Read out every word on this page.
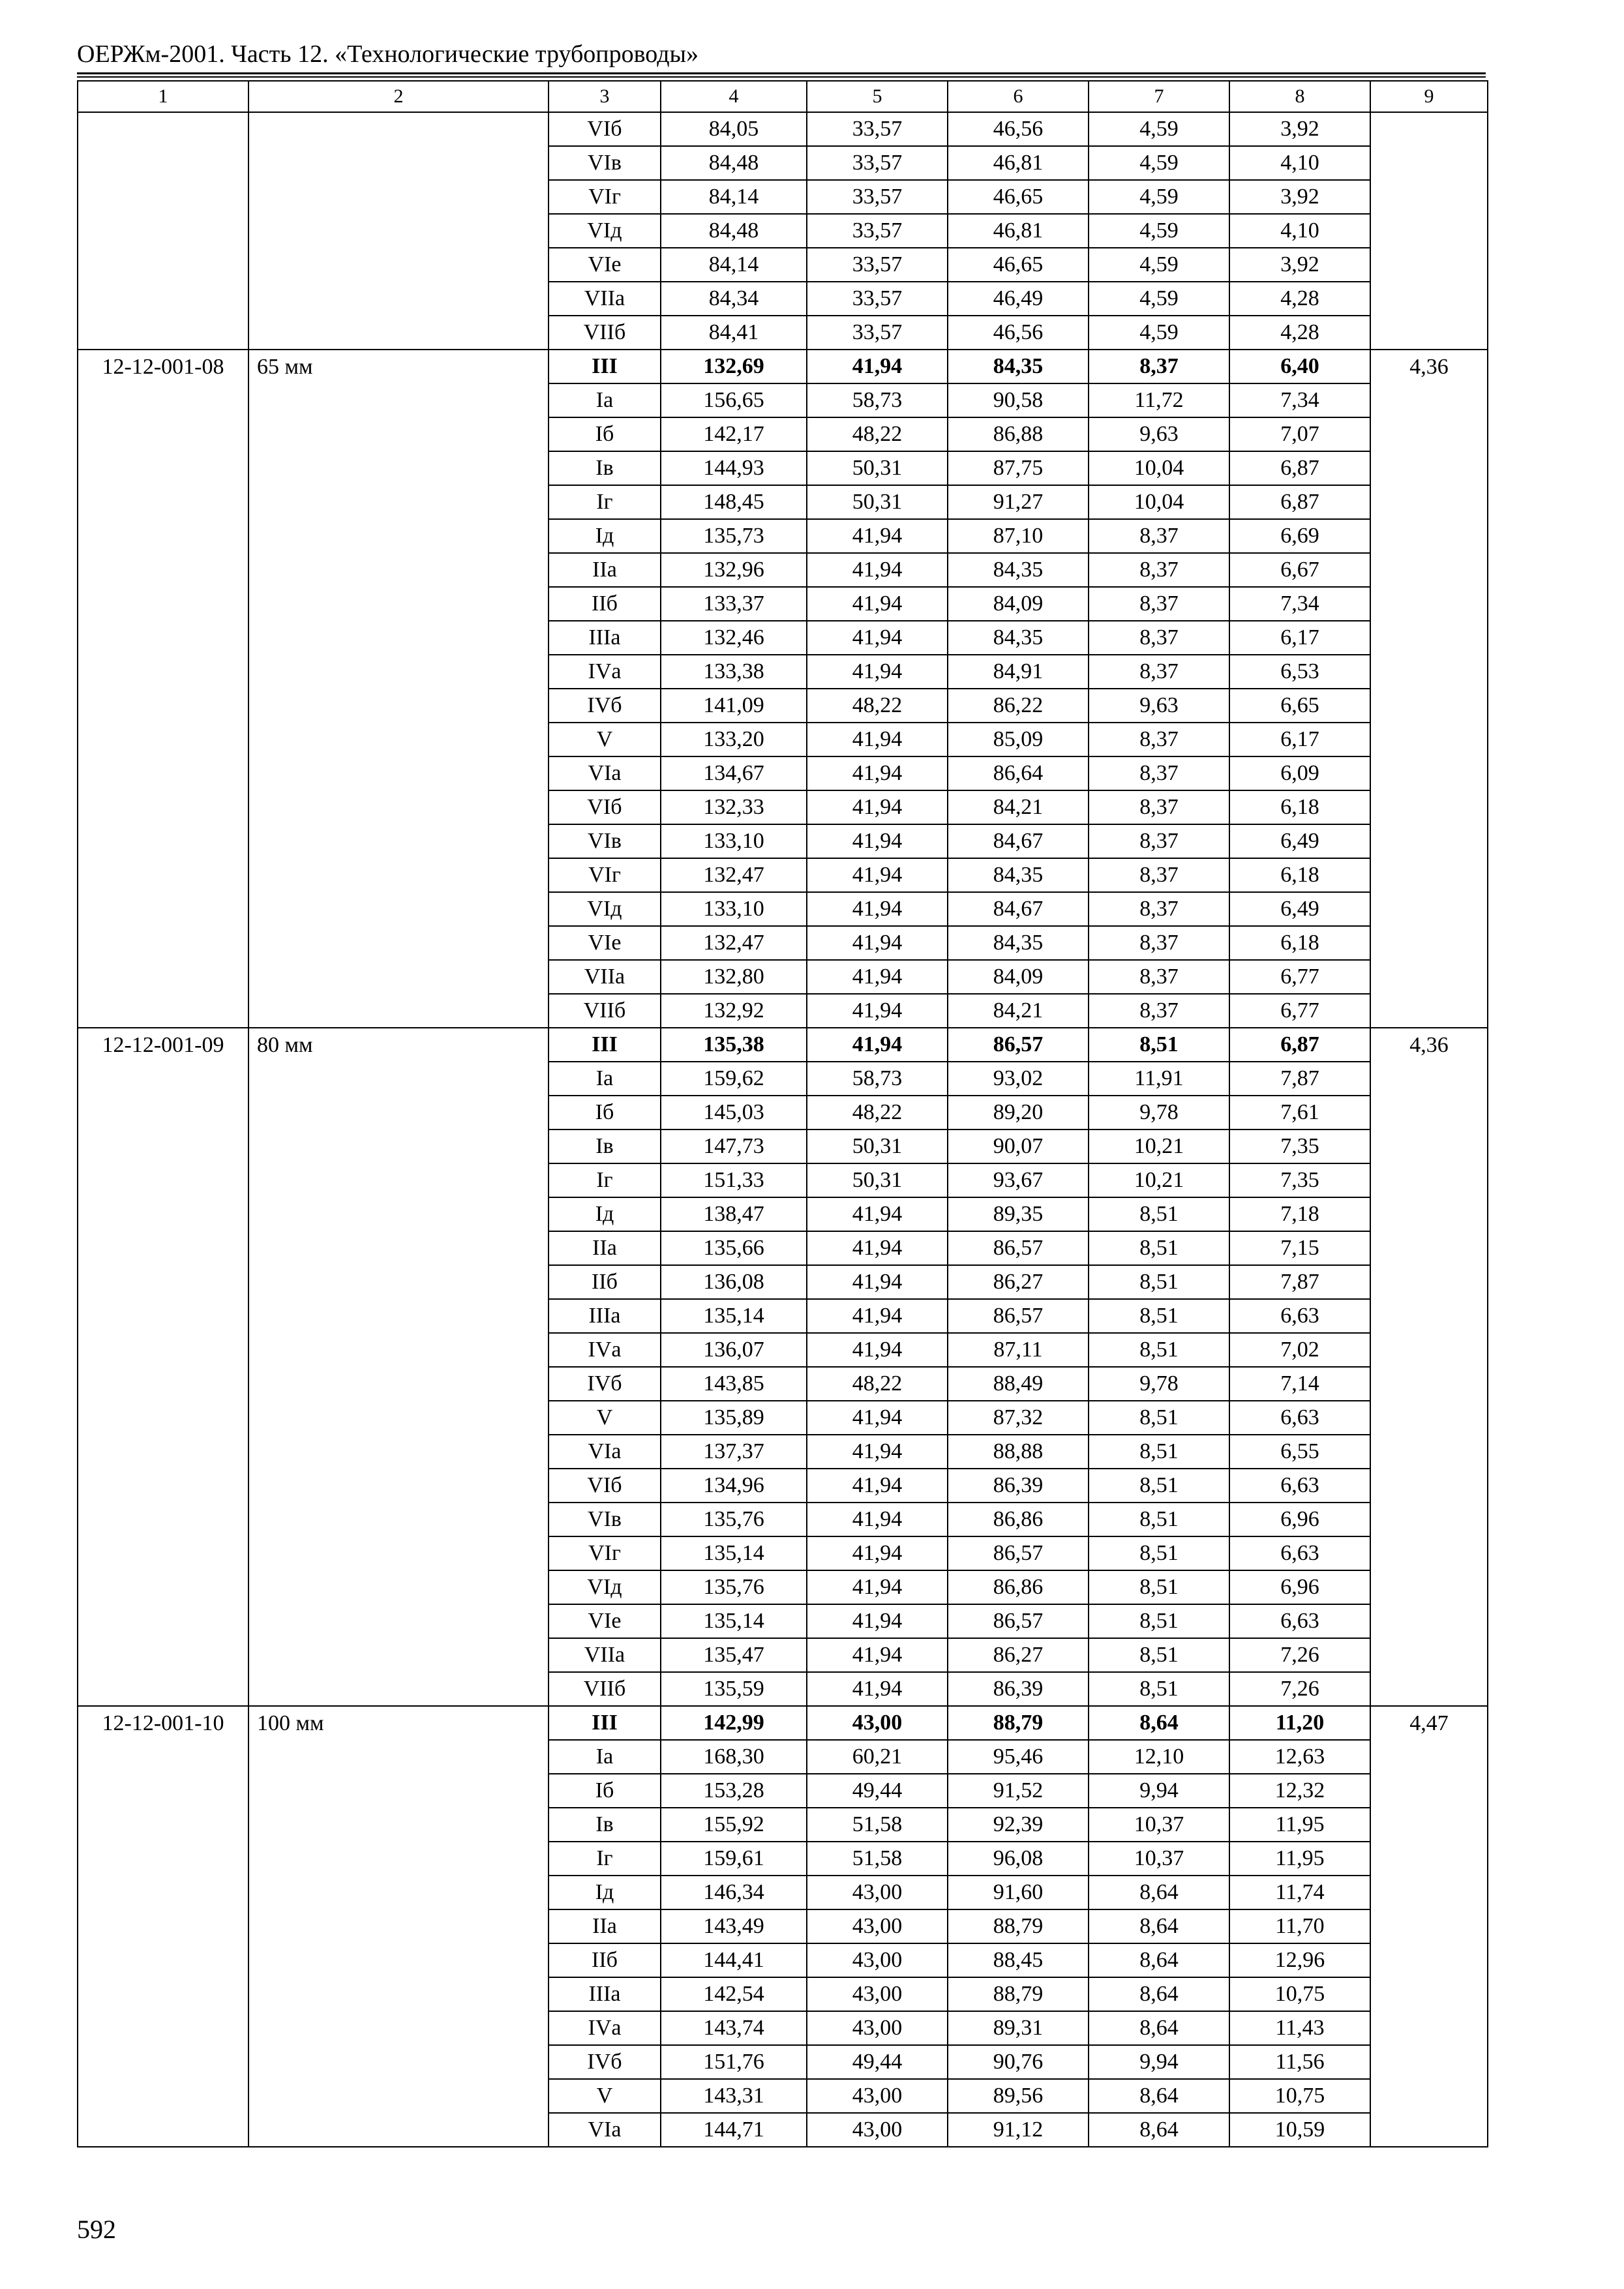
ОЕРЖм-2001. Часть 12. «Технологические трубопроводы»
1	2	3	4	5	6	7	8	9
		VIб	84,05	33,57	46,56	4,59	3,92	
		VIв	84,48	33,57	46,81	4,59	4,10	
		VIг	84,14	33,57	46,65	4,59	3,92	
		VIд	84,48	33,57	46,81	4,59	4,10	
		VIе	84,14	33,57	46,65	4,59	3,92	
		VIIа	84,34	33,57	46,49	4,59	4,28	
		VIIб	84,41	33,57	46,56	4,59	4,28	
12-12-001-08	65 мм	III	132,69	41,94	84,35	8,37	6,40	4,36
		Iа	156,65	58,73	90,58	11,72	7,34	
		Iб	142,17	48,22	86,88	9,63	7,07	
		Iв	144,93	50,31	87,75	10,04	6,87	
		Iг	148,45	50,31	91,27	10,04	6,87	
		Iд	135,73	41,94	87,10	8,37	6,69	
		IIа	132,96	41,94	84,35	8,37	6,67	
		IIб	133,37	41,94	84,09	8,37	7,34	
		IIIа	132,46	41,94	84,35	8,37	6,17	
		IVа	133,38	41,94	84,91	8,37	6,53	
		IVб	141,09	48,22	86,22	9,63	6,65	
		V	133,20	41,94	85,09	8,37	6,17	
		VIа	134,67	41,94	86,64	8,37	6,09	
		VIб	132,33	41,94	84,21	8,37	6,18	
		VIв	133,10	41,94	84,67	8,37	6,49	
		VIг	132,47	41,94	84,35	8,37	6,18	
		VIд	133,10	41,94	84,67	8,37	6,49	
		VIе	132,47	41,94	84,35	8,37	6,18	
		VIIа	132,80	41,94	84,09	8,37	6,77	
		VIIб	132,92	41,94	84,21	8,37	6,77	
12-12-001-09	80 мм	III	135,38	41,94	86,57	8,51	6,87	4,36
		Iа	159,62	58,73	93,02	11,91	7,87	
		Iб	145,03	48,22	89,20	9,78	7,61	
		Iв	147,73	50,31	90,07	10,21	7,35	
		Iг	151,33	50,31	93,67	10,21	7,35	
		Iд	138,47	41,94	89,35	8,51	7,18	
		IIа	135,66	41,94	86,57	8,51	7,15	
		IIб	136,08	41,94	86,27	8,51	7,87	
		IIIа	135,14	41,94	86,57	8,51	6,63	
		IVа	136,07	41,94	87,11	8,51	7,02	
		IVб	143,85	48,22	88,49	9,78	7,14	
		V	135,89	41,94	87,32	8,51	6,63	
		VIа	137,37	41,94	88,88	8,51	6,55	
		VIб	134,96	41,94	86,39	8,51	6,63	
		VIв	135,76	41,94	86,86	8,51	6,96	
		VIг	135,14	41,94	86,57	8,51	6,63	
		VIд	135,76	41,94	86,86	8,51	6,96	
		VIе	135,14	41,94	86,57	8,51	6,63	
		VIIа	135,47	41,94	86,27	8,51	7,26	
		VIIб	135,59	41,94	86,39	8,51	7,26	
12-12-001-10	100 мм	III	142,99	43,00	88,79	8,64	11,20	4,47
		Iа	168,30	60,21	95,46	12,10	12,63	
		Iб	153,28	49,44	91,52	9,94	12,32	
		Iв	155,92	51,58	92,39	10,37	11,95	
		Iг	159,61	51,58	96,08	10,37	11,95	
		Iд	146,34	43,00	91,60	8,64	11,74	
		IIа	143,49	43,00	88,79	8,64	11,70	
		IIб	144,41	43,00	88,45	8,64	12,96	
		IIIа	142,54	43,00	88,79	8,64	10,75	
		IVа	143,74	43,00	89,31	8,64	11,43	
		IVб	151,76	49,44	90,76	9,94	11,56	
		V	143,31	43,00	89,56	8,64	10,75	
		VIа	144,71	43,00	91,12	8,64	10,59	
592
